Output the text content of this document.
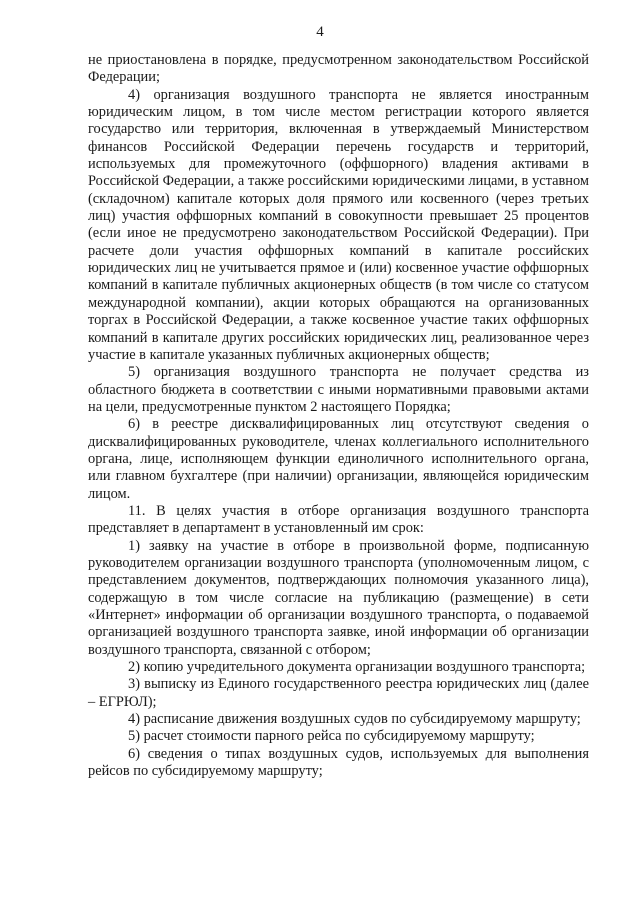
4

не приостановлена в порядке, предусмотренном законодательством Российской Федерации;

4) организация воздушного транспорта не является иностранным юридическим лицом, в том числе местом регистрации которого является государство или территория, включенная в утверждаемый Министерством финансов Российской Федерации перечень государств и территорий, используемых для промежуточного (оффшорного) владения активами в Российской Федерации, а также российскими юридическими лицами, в уставном (складочном) капитале которых доля прямого или косвенного (через третьих лиц) участия оффшорных компаний в совокупности превышает 25 процентов (если иное не предусмотрено законодательством Российской Федерации). При расчете доли участия оффшорных компаний в капитале российских юридических лиц не учитывается прямое и (или) косвенное участие оффшорных компаний в капитале публичных акционерных обществ (в том числе со статусом международной компании), акции которых обращаются на организованных торгах в Российской Федерации, а также косвенное участие таких оффшорных компаний в капитале других российских юридических лиц, реализованное через участие в капитале указанных публичных акционерных обществ;

5) организация воздушного транспорта не получает средства из областного бюджета в соответствии с иными нормативными правовыми актами на цели, предусмотренные пунктом 2 настоящего Порядка;

6) в реестре дисквалифицированных лиц отсутствуют сведения о дисквалифицированных руководителе, членах коллегиального исполнительного органа, лице, исполняющем функции единоличного исполнительного органа, или главном бухгалтере (при наличии) организации, являющейся юридическим лицом.

11. В целях участия в отборе организация воздушного транспорта представляет в департамент в установленный им срок:

1) заявку на участие в отборе в произвольной форме, подписанную руководителем организации воздушного транспорта (уполномоченным лицом, с представлением документов, подтверждающих полномочия указанного лица), содержащую в том числе согласие на публикацию (размещение) в сети «Интернет» информации об организации воздушного транспорта, о подаваемой организацией воздушного транспорта заявке, иной информации об организации воздушного транспорта, связанной с отбором;

2) копию учредительного документа организации воздушного транспорта;

3) выписку из Единого государственного реестра юридических лиц (далее – ЕГРЮЛ);

4) расписание движения воздушных судов по субсидируемому маршруту;

5) расчет стоимости парного рейса по субсидируемому маршруту;

6) сведения о типах воздушных судов, используемых для выполнения рейсов по субсидируемому маршруту;
